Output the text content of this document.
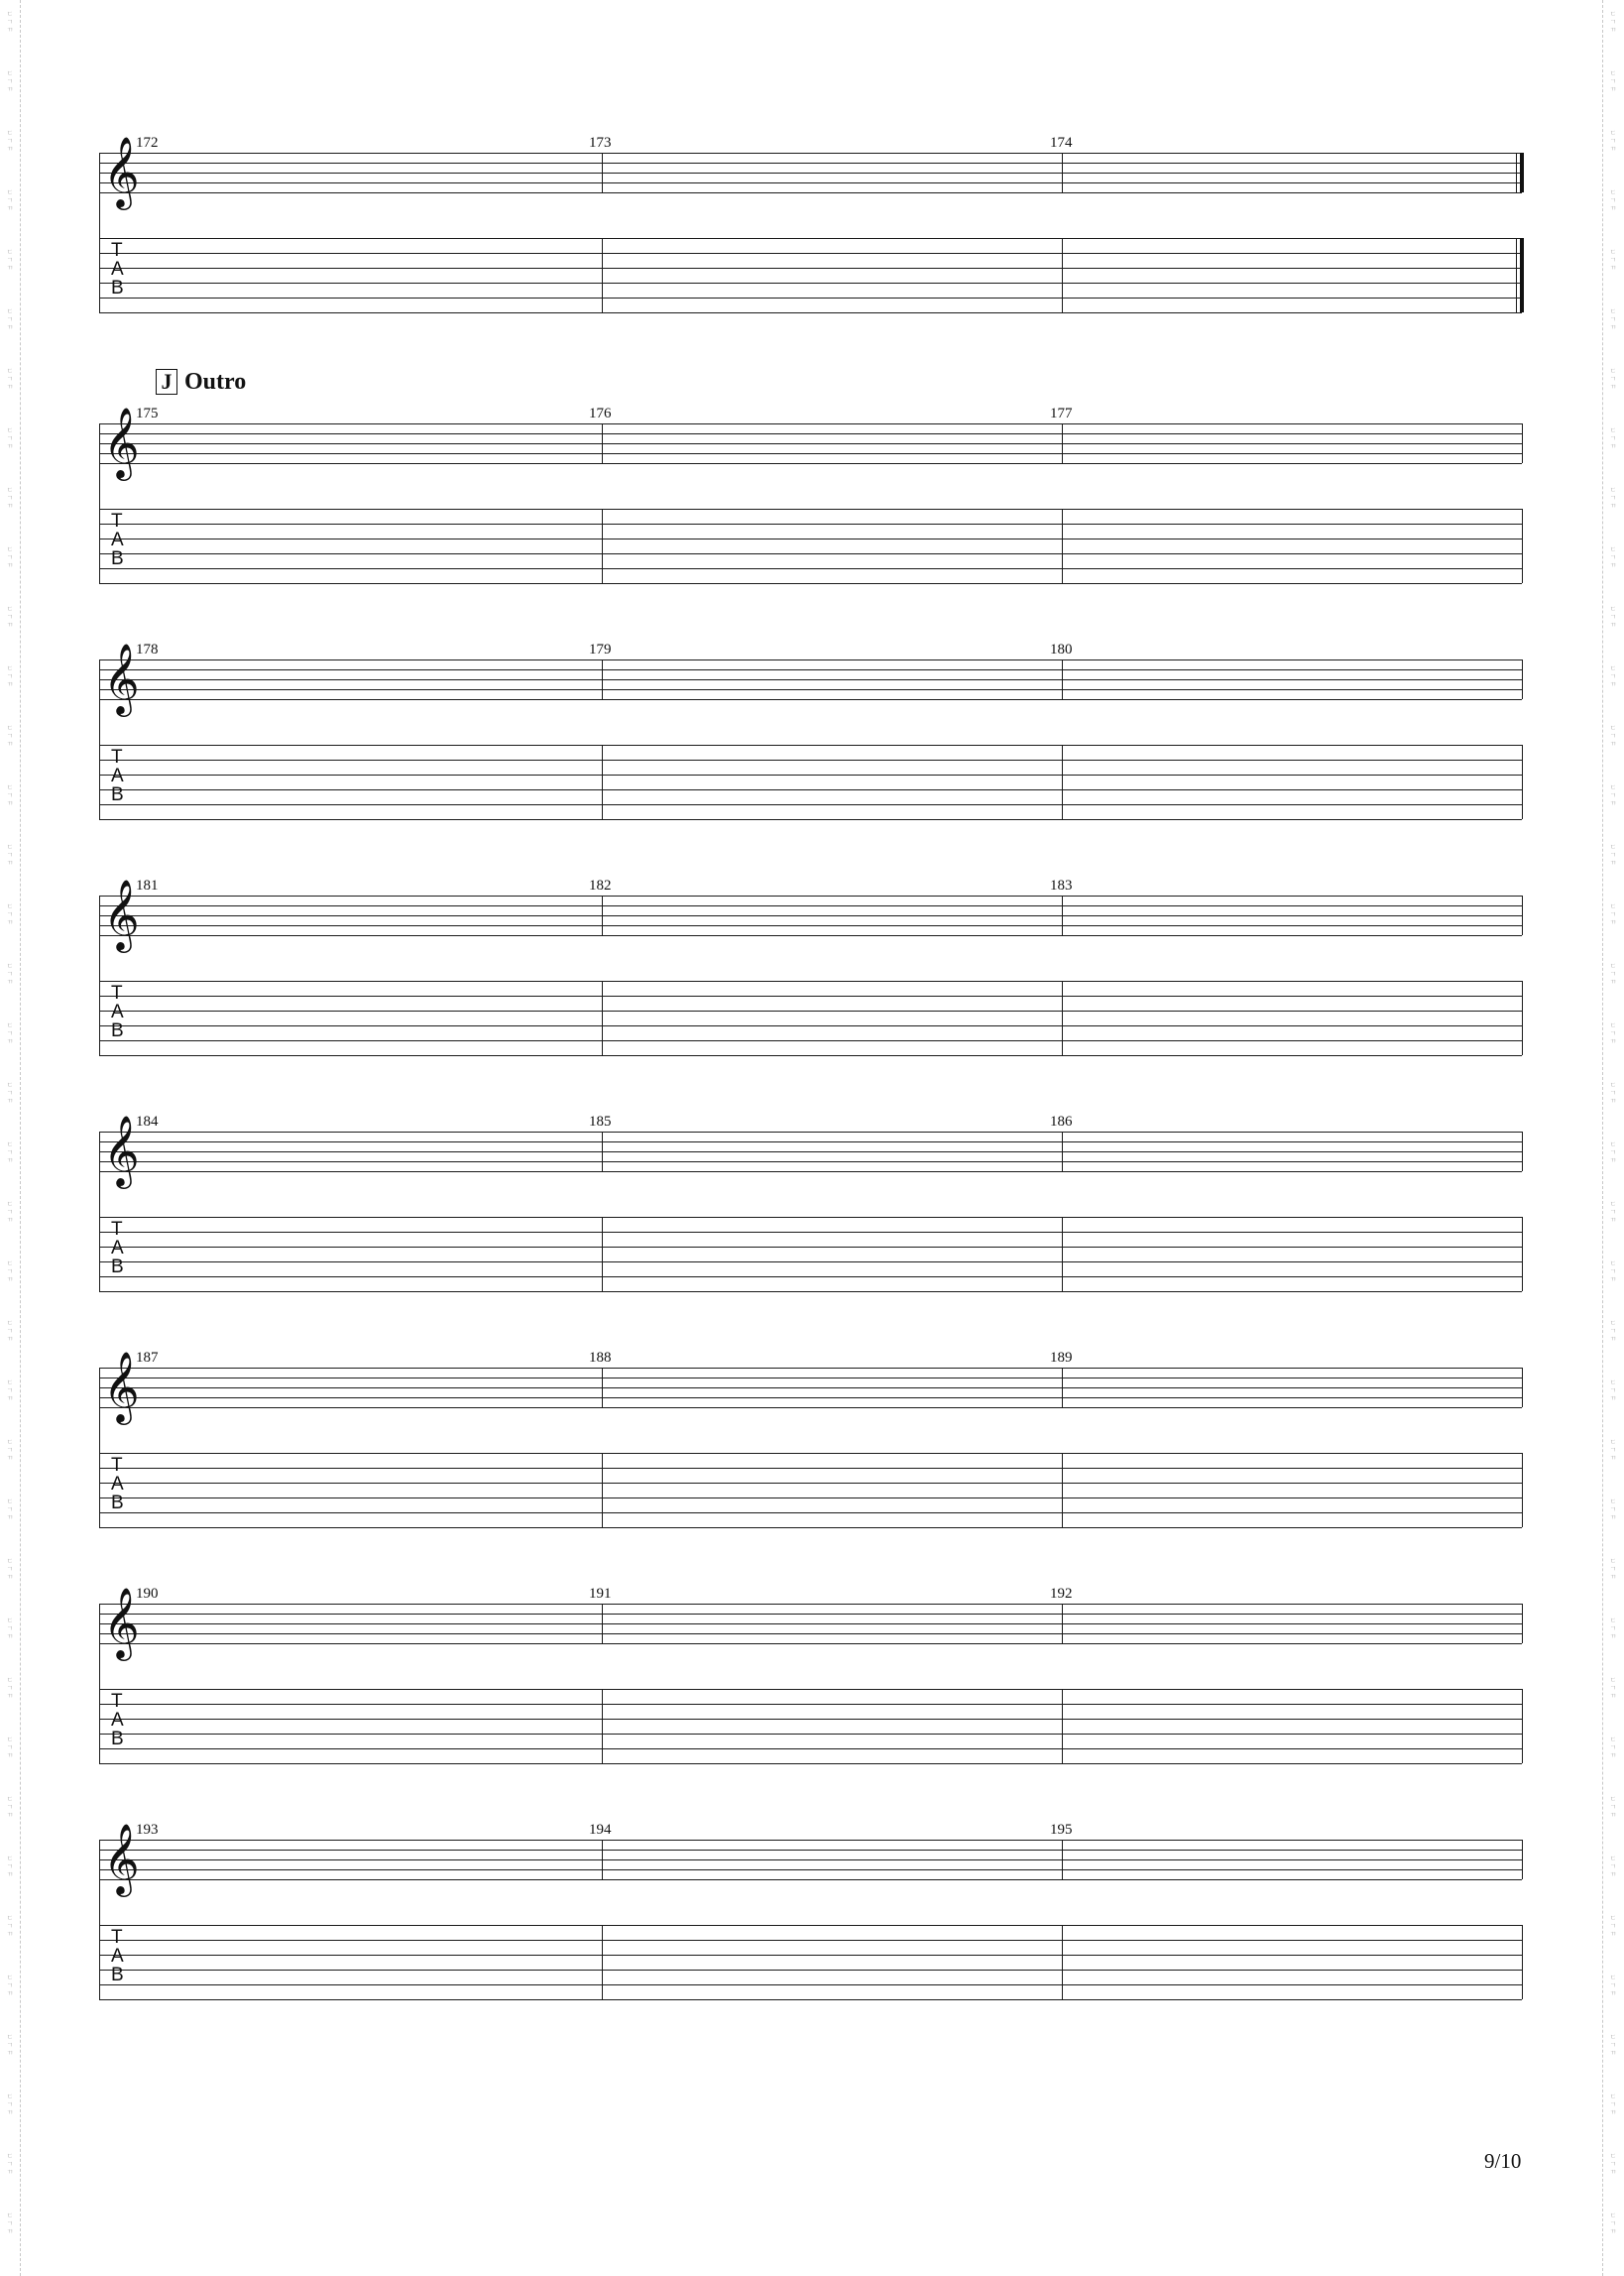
ㄷ
ㄱ
ㄲ
ㄷ
ㄱ
ㄲ
ㄷ
ㄱ
ㄲ
ㄷ
ㄱ
ㄲ
ㄷ
ㄱ
ㄲ
ㄷ
ㄱ
ㄲ
ㄷ
ㄱ
ㄲ
ㄷ
ㄱ
ㄲ
ㄷ
ㄱ
ㄲ
ㄷ
ㄱ
ㄲ
ㄷ
ㄱ
ㄲ
ㄷ
ㄱ
ㄲ
ㄷ
ㄱ
ㄲ
ㄷ
ㄱ
ㄲ
ㄷ
ㄱ
ㄲ
ㄷ
ㄱ
ㄲ
ㄷ
ㄱ
ㄲ
ㄷ
ㄱ
ㄲ
ㄷ
ㄱ
ㄲ
ㄷ
ㄱ
ㄲ
ㄷ
ㄱ
ㄲ
ㄷ
ㄱ
ㄲ
ㄷ
ㄱ
ㄲ
ㄷ
ㄱ
ㄲ
ㄷ
ㄱ
ㄲ
ㄷ
ㄱ
ㄲ
ㄷ
ㄱ
ㄲ
ㄷ
ㄱ
ㄲ
ㄷ
ㄱ
ㄲ
ㄷ
ㄱ
ㄲ
ㄷ
ㄱ
ㄲ
ㄷ
ㄱ
ㄲ
ㄷ
ㄱ
ㄲ
ㄷ
ㄱ
ㄲ
ㄷ
ㄱ
ㄲ
ㄷ
ㄱ
ㄲ
ㄷ
ㄱ
ㄲ
ㄷ
ㄱ
ㄲ
ㄷ
ㄱ
ㄲ
ㄷ
ㄱ
ㄲ
ㄷ
ㄱ
ㄲ
ㄷ
ㄱ
ㄲ
ㄷ
ㄱ
ㄲ
ㄷ
ㄱ
ㄲ
ㄷ
ㄱ
ㄲ
ㄷ
ㄱ
ㄲ
ㄷ
ㄱ
ㄲ
ㄷ
ㄱ
ㄲ
ㄷ
ㄱ
ㄲ
ㄷ
ㄱ
ㄲ
ㄷ
ㄱ
ㄲ
ㄷ
ㄱ
ㄲ
ㄷ
ㄱ
ㄲ
ㄷ
ㄱ
ㄲ
ㄷ
ㄱ
ㄲ
ㄷ
ㄱ
ㄲ
ㄷ
ㄱ
ㄲ
ㄷ
ㄱ
ㄲ
ㄷ
ㄱ
ㄲ
ㄷ
ㄱ
ㄲ
ㄷ
ㄱ
ㄲ
ㄷ
ㄱ
ㄲ
ㄷ
ㄱ
ㄲ
ㄷ
ㄱ
ㄲ
ㄷ
ㄱ
ㄲ
ㄷ
ㄱ
ㄲ
ㄷ
ㄱ
ㄲ
ㄷ
ㄱ
ㄲ
ㄷ
ㄱ
ㄲ
ㄷ
ㄱ
ㄲ
ㄷ
ㄱ
ㄲ
ㄷ
ㄱ
ㄲ
ㄷ
ㄱ
ㄲ
ㄷ
ㄱ
ㄲ
ㄷ
ㄱ
ㄲ
ㄷ
ㄱ
ㄲ
𝄞
T
A
B
172	173	174
𝄞
T
A
B
175	176	177
𝄞
T
A
B
178	179	180
𝄞
T
A
B
181	182	183
𝄞
T
A
B
184	185	186
𝄞
T
A
B
187	188	189
𝄞
T
A
B
190	191	192
𝄞
T
A
B
193	194	195
9/10
J Outro
